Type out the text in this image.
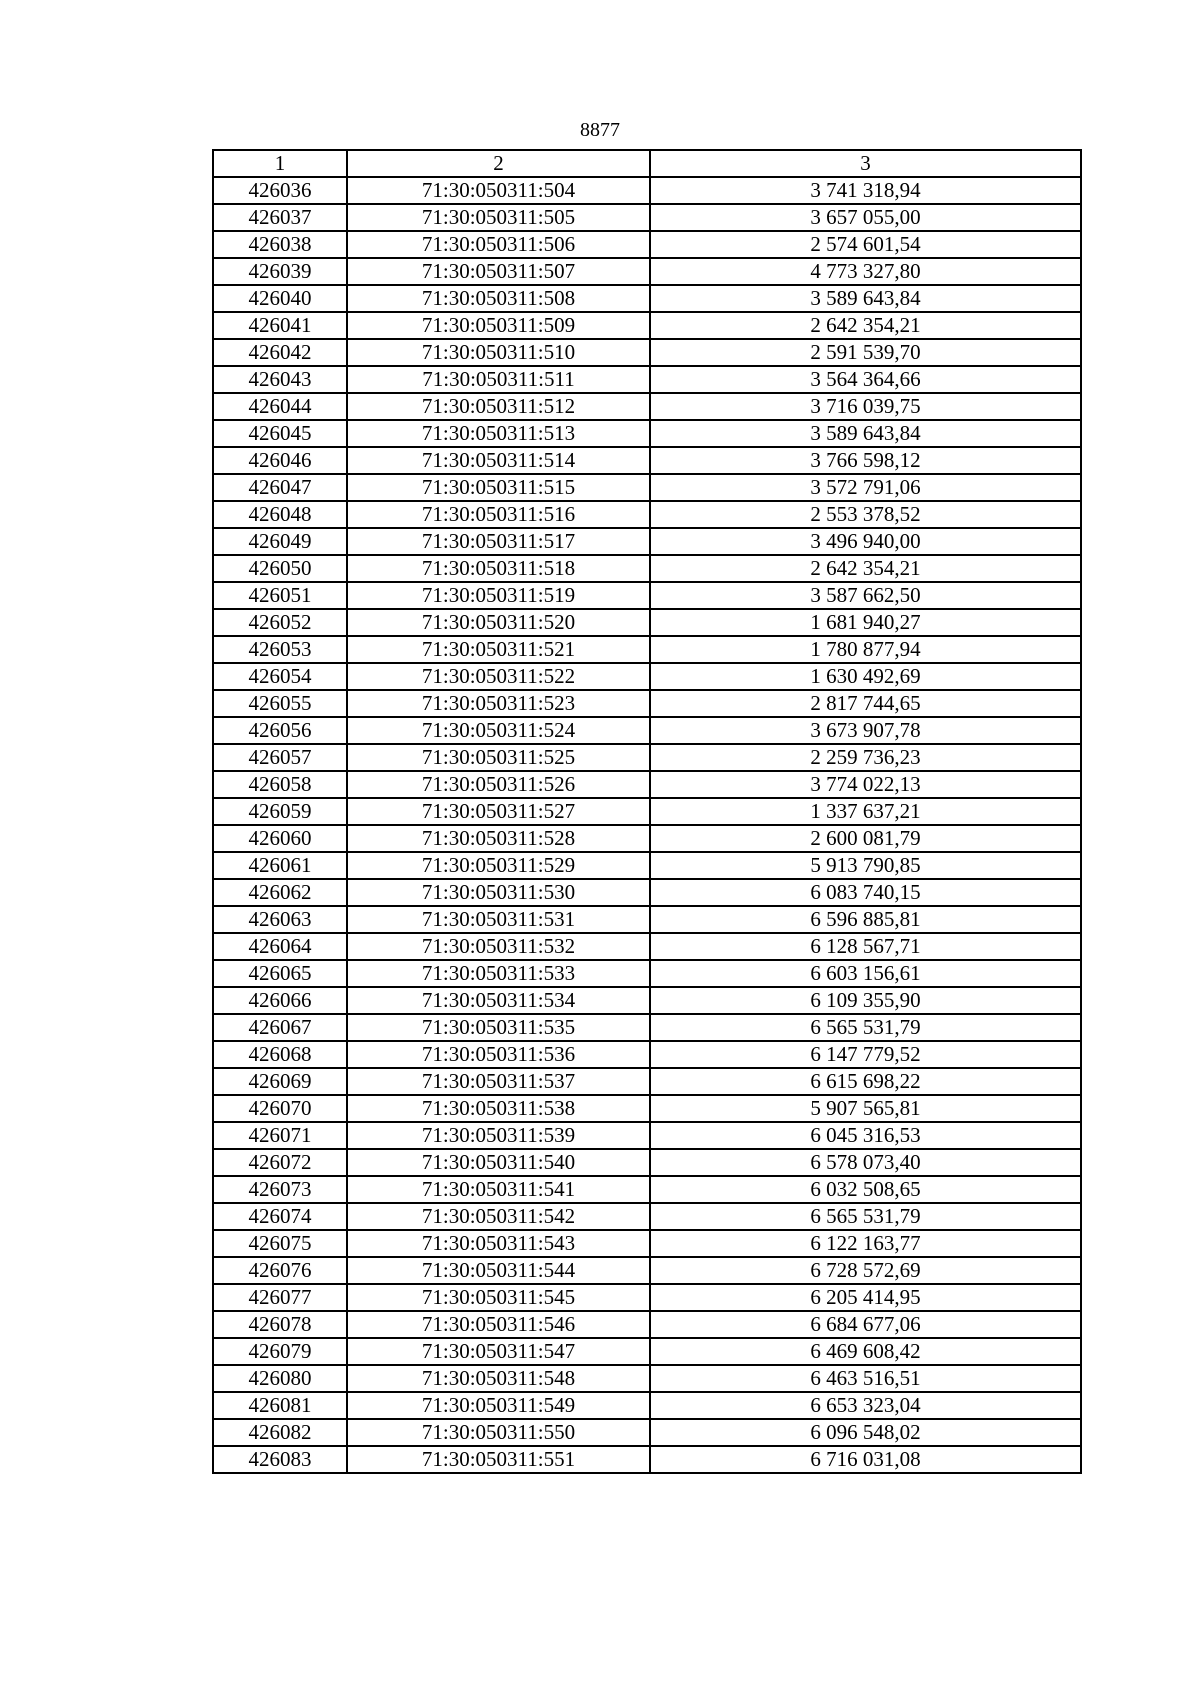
8877
1	2	3
426036	71:30:050311:504	3 741 318,94
426037	71:30:050311:505	3 657 055,00
426038	71:30:050311:506	2 574 601,54
426039	71:30:050311:507	4 773 327,80
426040	71:30:050311:508	3 589 643,84
426041	71:30:050311:509	2 642 354,21
426042	71:30:050311:510	2 591 539,70
426043	71:30:050311:511	3 564 364,66
426044	71:30:050311:512	3 716 039,75
426045	71:30:050311:513	3 589 643,84
426046	71:30:050311:514	3 766 598,12
426047	71:30:050311:515	3 572 791,06
426048	71:30:050311:516	2 553 378,52
426049	71:30:050311:517	3 496 940,00
426050	71:30:050311:518	2 642 354,21
426051	71:30:050311:519	3 587 662,50
426052	71:30:050311:520	1 681 940,27
426053	71:30:050311:521	1 780 877,94
426054	71:30:050311:522	1 630 492,69
426055	71:30:050311:523	2 817 744,65
426056	71:30:050311:524	3 673 907,78
426057	71:30:050311:525	2 259 736,23
426058	71:30:050311:526	3 774 022,13
426059	71:30:050311:527	1 337 637,21
426060	71:30:050311:528	2 600 081,79
426061	71:30:050311:529	5 913 790,85
426062	71:30:050311:530	6 083 740,15
426063	71:30:050311:531	6 596 885,81
426064	71:30:050311:532	6 128 567,71
426065	71:30:050311:533	6 603 156,61
426066	71:30:050311:534	6 109 355,90
426067	71:30:050311:535	6 565 531,79
426068	71:30:050311:536	6 147 779,52
426069	71:30:050311:537	6 615 698,22
426070	71:30:050311:538	5 907 565,81
426071	71:30:050311:539	6 045 316,53
426072	71:30:050311:540	6 578 073,40
426073	71:30:050311:541	6 032 508,65
426074	71:30:050311:542	6 565 531,79
426075	71:30:050311:543	6 122 163,77
426076	71:30:050311:544	6 728 572,69
426077	71:30:050311:545	6 205 414,95
426078	71:30:050311:546	6 684 677,06
426079	71:30:050311:547	6 469 608,42
426080	71:30:050311:548	6 463 516,51
426081	71:30:050311:549	6 653 323,04
426082	71:30:050311:550	6 096 548,02
426083	71:30:050311:551	6 716 031,08
